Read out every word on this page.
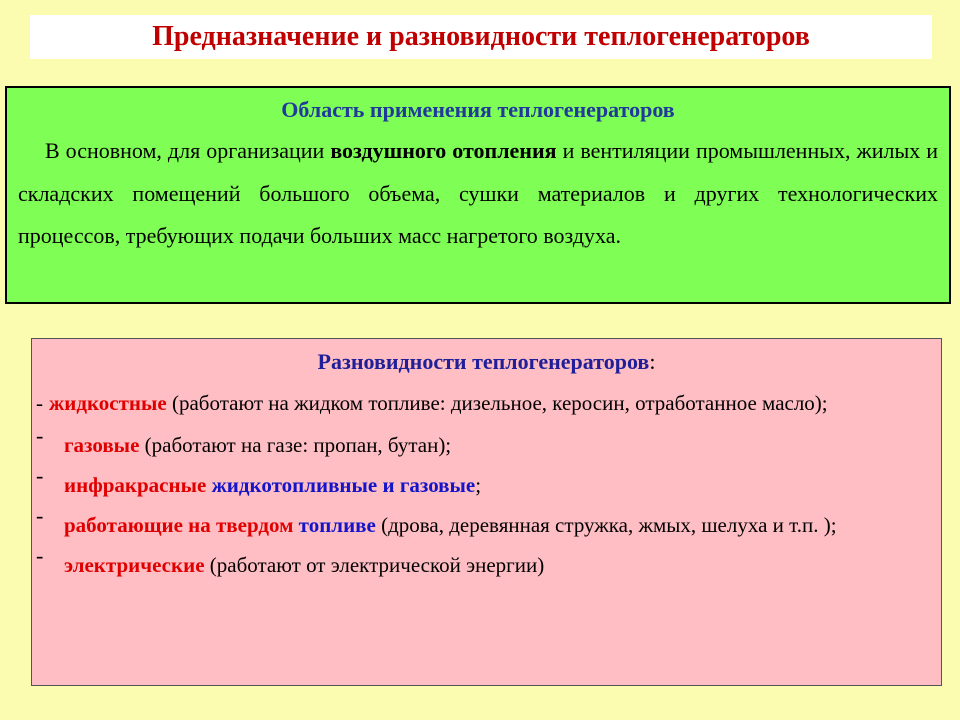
Предназначение и разновидности теплогенераторов
Область применения теплогенераторов
В основном, для организации воздушного отопления и вентиляции промышленных, жилых и складских помещений большого объема, сушки материалов и других технологических процессов, требующих подачи больших масс нагретого воздуха.
Разновидности теплогенераторов:
- жидкостные (работают на жидком топливе: дизельное, керосин, отработанное масло);
- газовые (работают на газе: пропан, бутан);
- инфракрасные жидкотопливные и газовые;
- работающие на твердом топливе (дрова, деревянная стружка, жмых, шелуха и т.п. );
- электрические (работают от электрической энергии)
